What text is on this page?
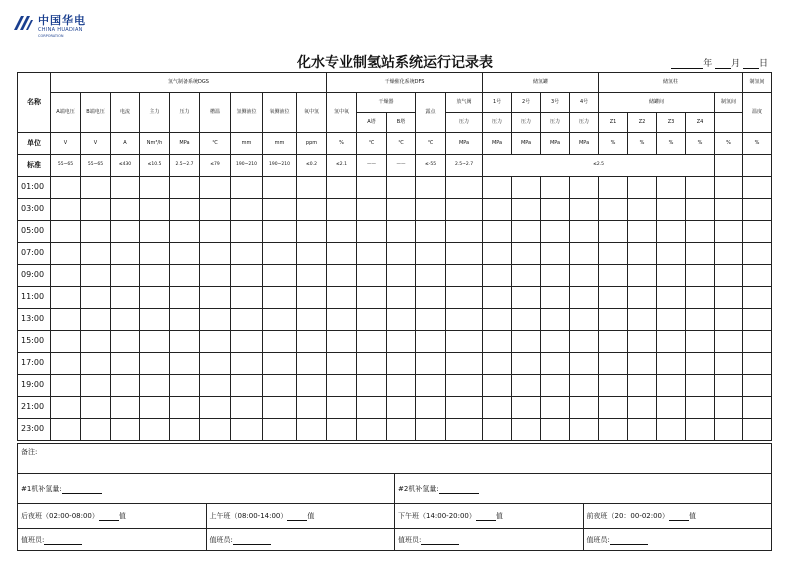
中国华电
CHINA HUADIAN
CORPORATION
化水专业制氢站系统运行记录表	年 月 日
名称	氢气制备系统DGS									干燥催化系统DFS					储氢罐				储氢柱					制氢间	
	A端电压	B端电压	电流	主力	压力	槽温	氢侧液位	氧侧液位	氧中氢	氢中氧	干燥器		露点	放气阀	1号	2号	3号	4号	储罐间				制氢间	温度	
											A塔	B塔		压力	压力	压力	压力	压力	Z1	Z2	Z3	Z4			
单位	V	V	A	Nm³/h	MPa	℃	mm	mm	ppm	%	℃	℃	℃	MPa	MPa	MPa	MPa	MPa	%	%	%	%	%	%	
标准	55~65	55~65	≤430	≤10.5	2.5~2.7	≤79	190~210	190~210	≤0.2	≤2.1	——	——	≤-55	2.5~2.7	≤2.5							
01:00																									
03:00																									
05:00																									
07:00																									
09:00																									
11:00																									
13:00																									
15:00																									
17:00																									
19:00																									
21:00																									
23:00																									
备注:			
#1机补氢量:		#2机补氢量:	
后夜班（02:00-08:00） 值	上午班（08:00-14:00） 值	下午班（14:00-20:00） 值	前夜班（20：00-02:00） 值
值班员:	值班员:	值班员:	值班员:
